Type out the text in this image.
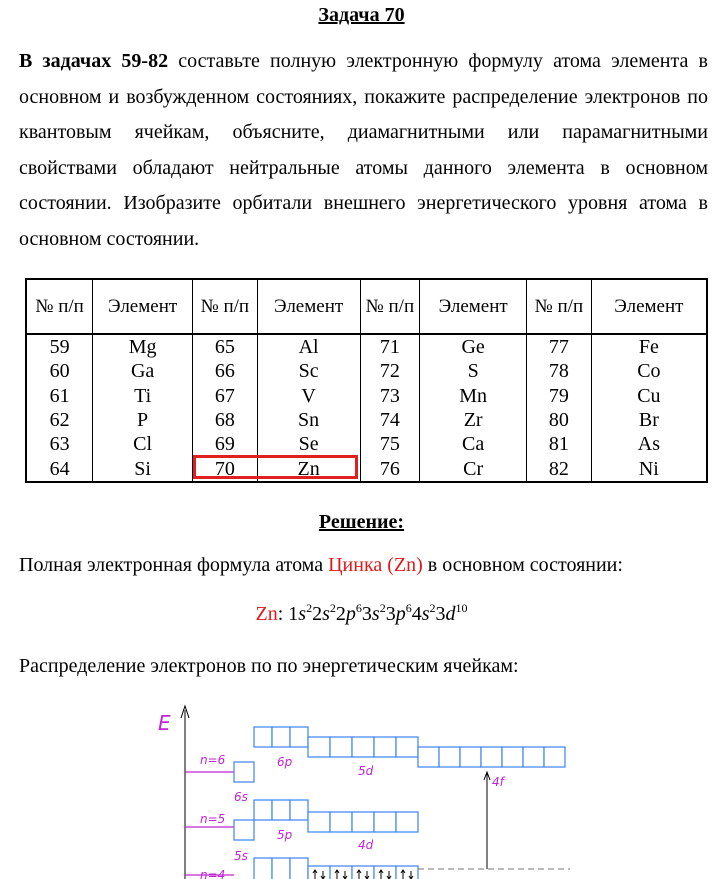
Задача 70
В задачах 59-82 составьте полную электронную формулу атома элемента в основном и возбужденном состояниях, покажите распределение электронов по квантовым ячейкам, объясните, диамагнитными или парамагнитными свойствами обладают нейтральные атомы данного элемента в основном состоянии. Изобразите орбитали внешнего энергетического уровня атома в основном состоянии.
№ п/п	Элемент	№ п/п	Элемент	№ п/п	Элемент	№ п/п	Элемент
59	Mg	65	Al	71	Ge	77	Fe
60	Ga	66	Sc	72	S	78	Co
61	Ti	67	V	73	Mn	79	Cu
62	P	68	Sn	74	Zr	80	Br
63	Cl	69	Se	75	Ca	81	As
64	Si	70	Zn	76	Cr	82	Ni
Решение:
Полная электронная формула атома Цинка (Zn) в основном состоянии:
Zn: $1s^22s^22p^63s^23p^64s^23d^{10}$
Распределение электронов по по энергетическим ячейкам:
E
n=6
n=5
n=4
6p
5d
4f
6s
5p
4d
5s
